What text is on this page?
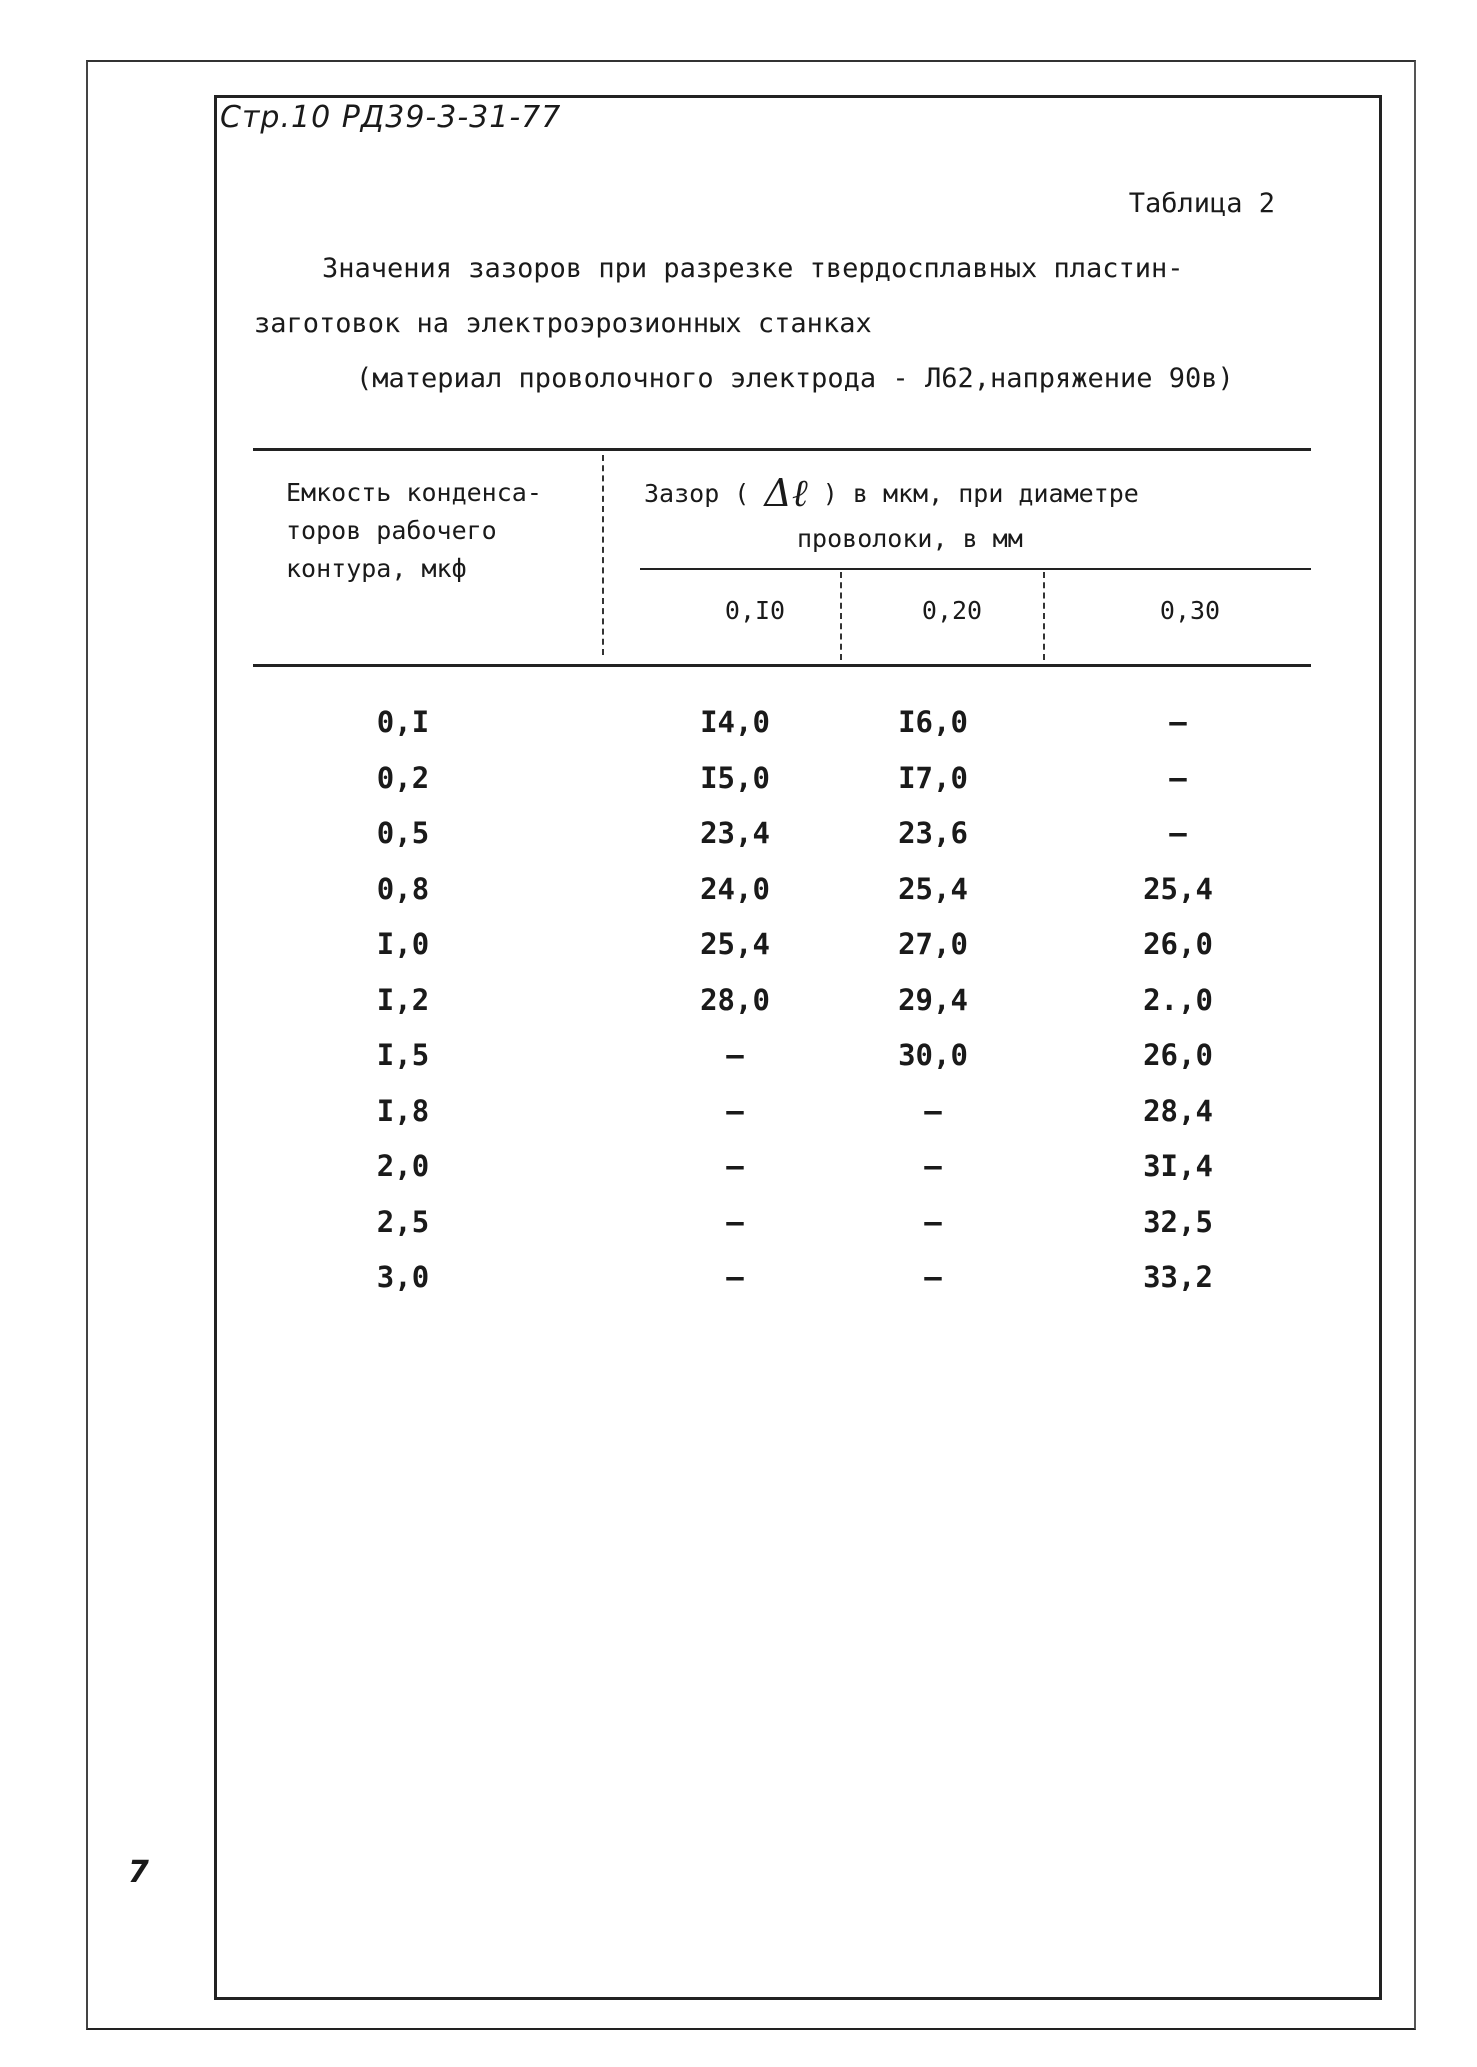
Стр.10 РД39-3-31-77
7
Таблица 2
Значения зазоров при разрезке твердосплавных пластин-
заготовок на электроэрозионных станках
(материал проволочного электрода - Л62,напряжение 90в)
Емкость конденса-
торов рабочего
контура, мкф
Зазор ( Δℓ ) в мкм, при диаметре
проволоки, в мм
0,I0	0,20	0,30
0,I	I4,0	I6,0	–
0,2	I5,0	I7,0	–
0,5	23,4	23,6	–
0,8	24,0	25,4	25,4
I,0	25,4	27,0	26,0
I,2	28,0	29,4	2.,0
I,5	–	30,0	26,0
I,8	–	–	28,4
2,0	–	–	3I,4
2,5	–	–	32,5
3,0	–	–	33,2
